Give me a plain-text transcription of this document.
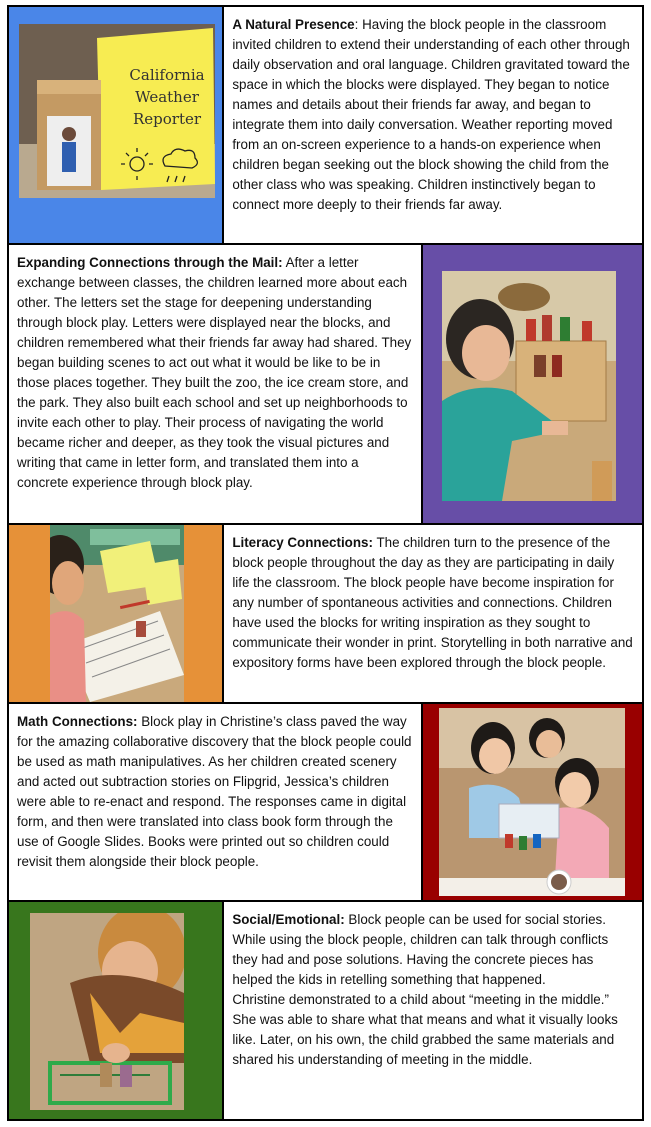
California Weather Reporter
A Natural Presence: Having the block people in the classroom invited children to extend their understanding of each other through daily observation and oral language. Children gravitated toward the space in which the blocks were displayed. They began to notice names and details about their friends far away, and began to integrate them into daily conversation. Weather reporting moved from an on-screen experience to a hands-on experience when children began seeking out the block showing the child from the other class who was speaking. Children instinctively began to connect more deeply to their friends far away.
Expanding Connections through the Mail: After a letter exchange between classes, the children learned more about each other. The letters set the stage for deepening understanding through block play. Letters were displayed near the blocks, and children remembered what their friends far away had shared. They began building scenes to act out what it would be like to be in those places together. They built the zoo, the ice cream store, and the park. They also built each school and set up neighborhoods to invite each other to play. Their process of navigating the world became richer and deeper, as they took the visual pictures and writing that came in letter form, and translated them into a concrete experience through block play.
Literacy Connections: The children turn to the presence of the block people throughout the day as they are participating in daily life the classroom. The block people have become inspiration for any number of spontaneous activities and connections. Children have used the blocks for writing inspiration as they sought to communicate their wonder in print. Storytelling in both narrative and expository forms have been explored through the block people.
Math Connections: Block play in Christine’s class paved the way for the amazing collaborative discovery that the block people could be used as math manipulatives. As her children created scenery and acted out subtraction stories on Flipgrid, Jessica’s children were able to re-enact and respond. The responses came in digital form, and then were translated into class book form through the use of Google Slides. Books were printed out so children could revisit them alongside their block people.
Social/Emotional: Block people can be used for social stories. While using the block people, children can talk through conflicts they had and pose solutions. Having the concrete pieces has helped the kids in retelling something that happened.
Christine demonstrated to a child about “meeting in the middle.” She was able to share what that means and what it visually looks like. Later, on his own, the child grabbed the same materials and shared his understanding of meeting in the middle.
